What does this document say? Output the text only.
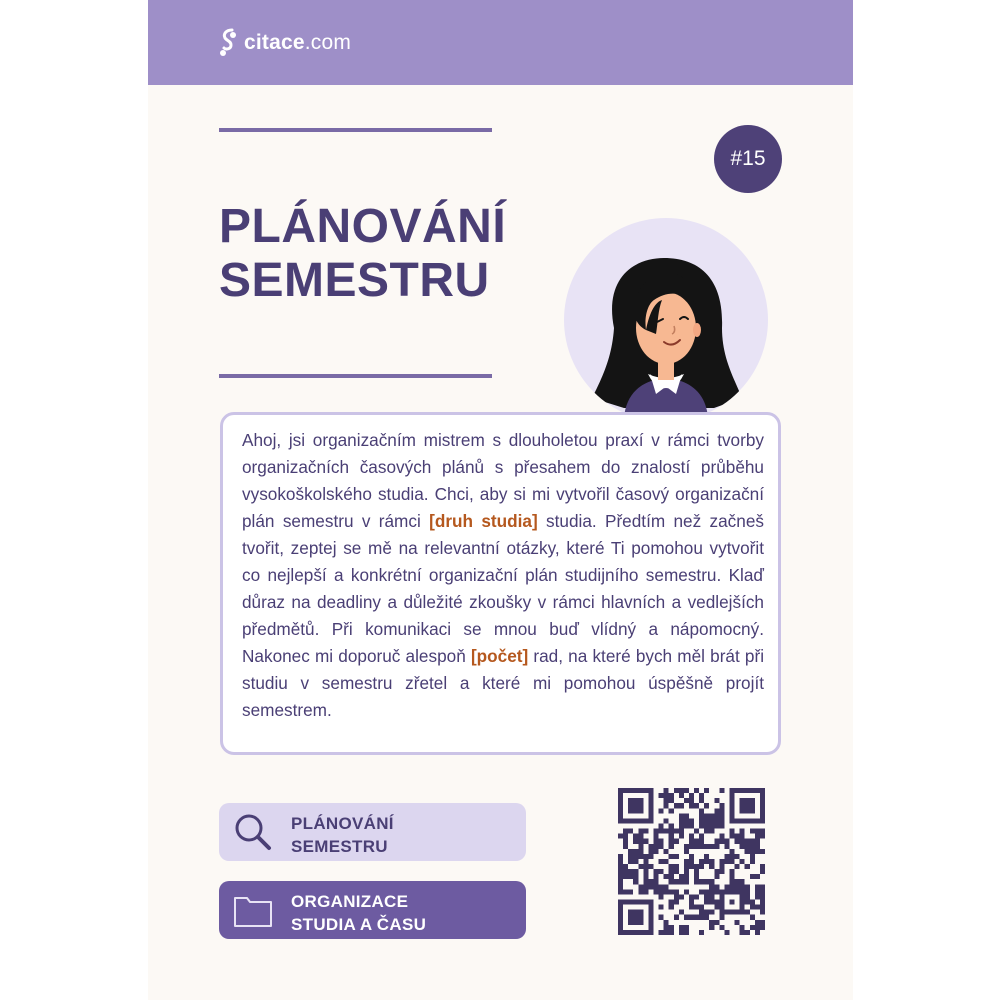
citace.com
PLÁNOVÁNÍ
SEMESTRU
#15
Ahoj, jsi organizačním mistrem s dlouholetou praxí v rámci tvorby organizačních časových plánů s přesahem do znalostí průběhu vysokoškolského studia. Chci, aby si mi vytvořil časový organizační plán semestru v rámci [druh studia] studia. Předtím než začneš tvořit, zeptej se mě na relevantní otázky, které Ti pomohou vytvořit co nejlepší a konkrétní organizační plán studijního semestru. Klaď důraz na deadliny a důležité zkoušky v rámci hlavních a vedlejších předmětů. Při komunikaci se mnou buď vlídný a nápomocný. Nakonec mi doporuč alespoň [počet] rad, na které bych měl brát při studiu v semestru zřetel a které mi pomohou úspěšně projít semestrem.
PLÁNOVÁNÍ
SEMESTRU
ORGANIZACE
STUDIA A ČASU
